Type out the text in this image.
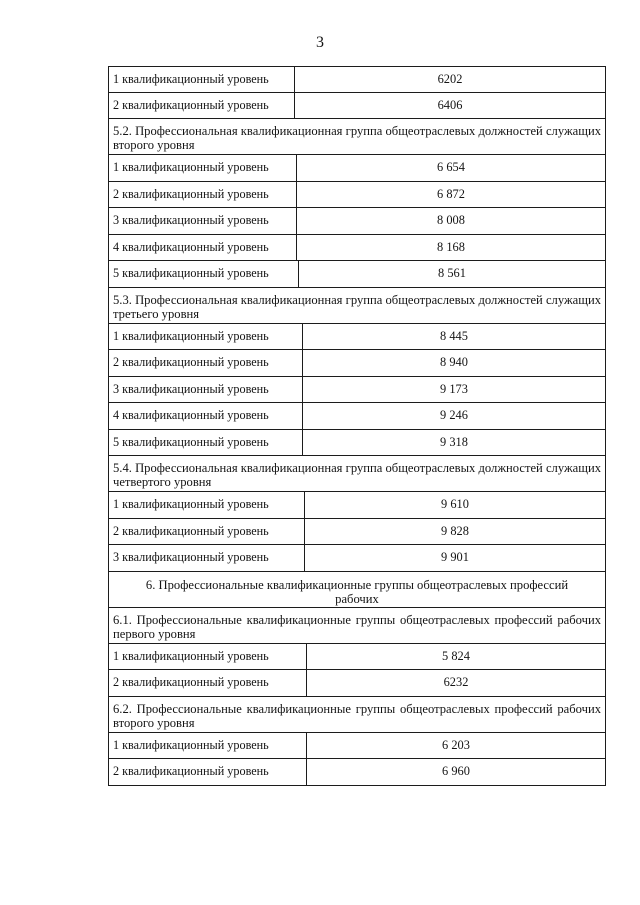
3
1 квалификационный уровень	6202
2 квалификационный уровень	6406
5.2. Профессиональная квалификационная группа общеотраслевых должностей служащих второго уровня
1 квалификационный уровень	6 654
2 квалификационный уровень	6 872
3 квалификационный уровень	8 008
4 квалификационный уровень	8 168
5 квалификационный уровень	8 561
5.3. Профессиональная квалификационная группа общеотраслевых должностей служащих третьего уровня
1 квалификационный уровень	8 445
2 квалификационный уровень	8 940
3 квалификационный уровень	9 173
4 квалификационный уровень	9 246
5 квалификационный уровень	9 318
5.4. Профессиональная квалификационная группа общеотраслевых должностей служащих четвертого уровня
1 квалификационный уровень	9 610
2 квалификационный уровень	9 828
3 квалификационный уровень	9 901
6. Профессиональные квалификационные группы общеотраслевых профессий рабочих
6.1. Профессиональные квалификационные группы общеотраслевых профессий рабочих первого уровня
1 квалификационный уровень	5 824
2 квалификационный уровень	6232
6.2. Профессиональные квалификационные группы общеотраслевых профессий рабочих второго уровня
1 квалификационный уровень	6 203
2 квалификационный уровень	6 960
